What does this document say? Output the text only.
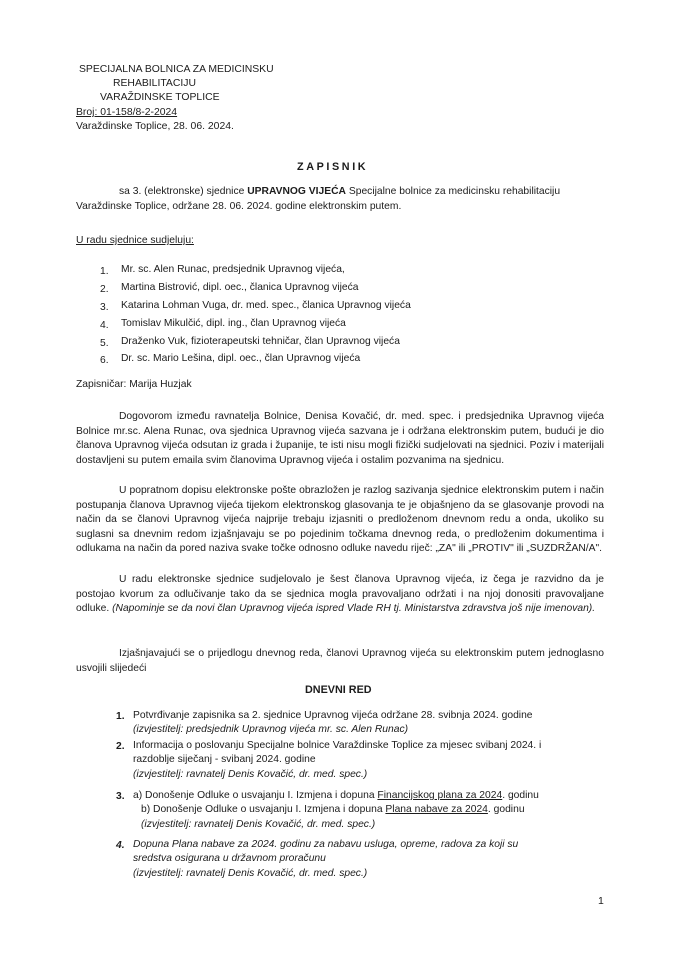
SPECIJALNA BOLNICA ZA MEDICINSKU
REHABILITACIJU
VARAŽDINSKE TOPLICE
Broj: 01-158/8-2-2024
Varaždinske Toplice, 28. 06. 2024.
ZAPISNIK
sa 3. (elektronske) sjednice UPRAVNOG VIJEĆA Specijalne bolnice za medicinsku rehabilitaciju
Varaždinske Toplice, održane 28. 06. 2024. godine elektronskim putem.
U radu sjednice sudjeluju:
1. Mr. sc. Alen Runac, predsjednik Upravnog vijeća,
2. Martina Bistrović, dipl. oec., članica Upravnog vijeća
3. Katarina Lohman Vuga, dr. med. spec., članica Upravnog vijeća
4. Tomislav Mikulčić, dipl. ing., član Upravnog vijeća
5. Draženko Vuk, fizioterapeutski tehničar, član Upravnog vijeća
6. Dr. sc. Mario Lešina, dipl. oec., član Upravnog vijeća
Zapisničar: Marija Huzjak
Dogovorom između ravnatelja Bolnice, Denisa Kovačić, dr. med. spec. i predsjednika Upravnog vijeća Bolnice mr.sc. Alena Runac, ova sjednica Upravnog vijeća sazvana je i održana elektronskim putem, budući je dio članova Upravnog vijeća odsutan iz grada i županije, te isti nisu mogli fizički sudjelovati na sjednici. Poziv i materijali dostavljeni su putem emaila svim članovima Upravnog vijeća i ostalim pozvanima na sjednicu.
U popratnom dopisu elektronske pošte obrazložen je razlog sazivanja sjednice elektronskim putem i način postupanja članova Upravnog vijeća tijekom elektronskog glasovanja te je objašnjeno da se glasovanje provodi na način da se članovi Upravnog vijeća najprije trebaju izjasniti o predloženom dnevnom redu a onda, ukoliko su suglasni sa dnevnim redom izjašnjavaju se po pojedinim točkama dnevnog reda, o predloženim dokumentima i odlukama na način da pored naziva svake točke odnosno odluke navedu riječ: „ZA" ili „PROTIV" ili „SUZDRŽAN/A".
U radu elektronske sjednice sudjelovalo je šest članova Upravnog vijeća, iz čega je razvidno da je postojao kvorum za odlučivanje tako da se sjednica mogla pravovaljano održati i na njoj donositi pravovaljane odluke. (Napominje se da novi član Upravnog vijeća ispred Vlade RH tj. Ministarstva zdravstva još nije imenovan).
Izjašnjavajući se o prijedlogu dnevnog reda, članovi Upravnog vijeća su elektronskim putem jednoglasno usvojili slijedeći
DNEVNI RED
1. Potvrđivanje zapisnika sa 2. sjednice Upravnog vijeća održane 28. svibnja 2024. godine
(izvjestitelj: predsjednik Upravnog vijeća mr. sc. Alen Runac)
2. Informacija o poslovanju Specijalne bolnice Varaždinske Toplice za mjesec svibanj 2024. i
razdoblje siječanj - svibanj 2024. godine
(izvjestitelj: ravnatelj Denis Kovačić, dr. med. spec.)
3. a) Donošenje Odluke o usvajanju I. Izmjena i dopuna Financijskog plana za 2024. godinu
b) Donošenje Odluke o usvajanju I. Izmjena i dopuna Plana nabave za 2024. godinu
(izvjestitelj: ravnatelj Denis Kovačić, dr. med. spec.)
4. Dopuna Plana nabave za 2024. godinu za nabavu usluga, opreme, radova za koji su
sredstva osigurana u državnom proračunu
(izvjestitelj: ravnatelj Denis Kovačić, dr. med. spec.)
1
